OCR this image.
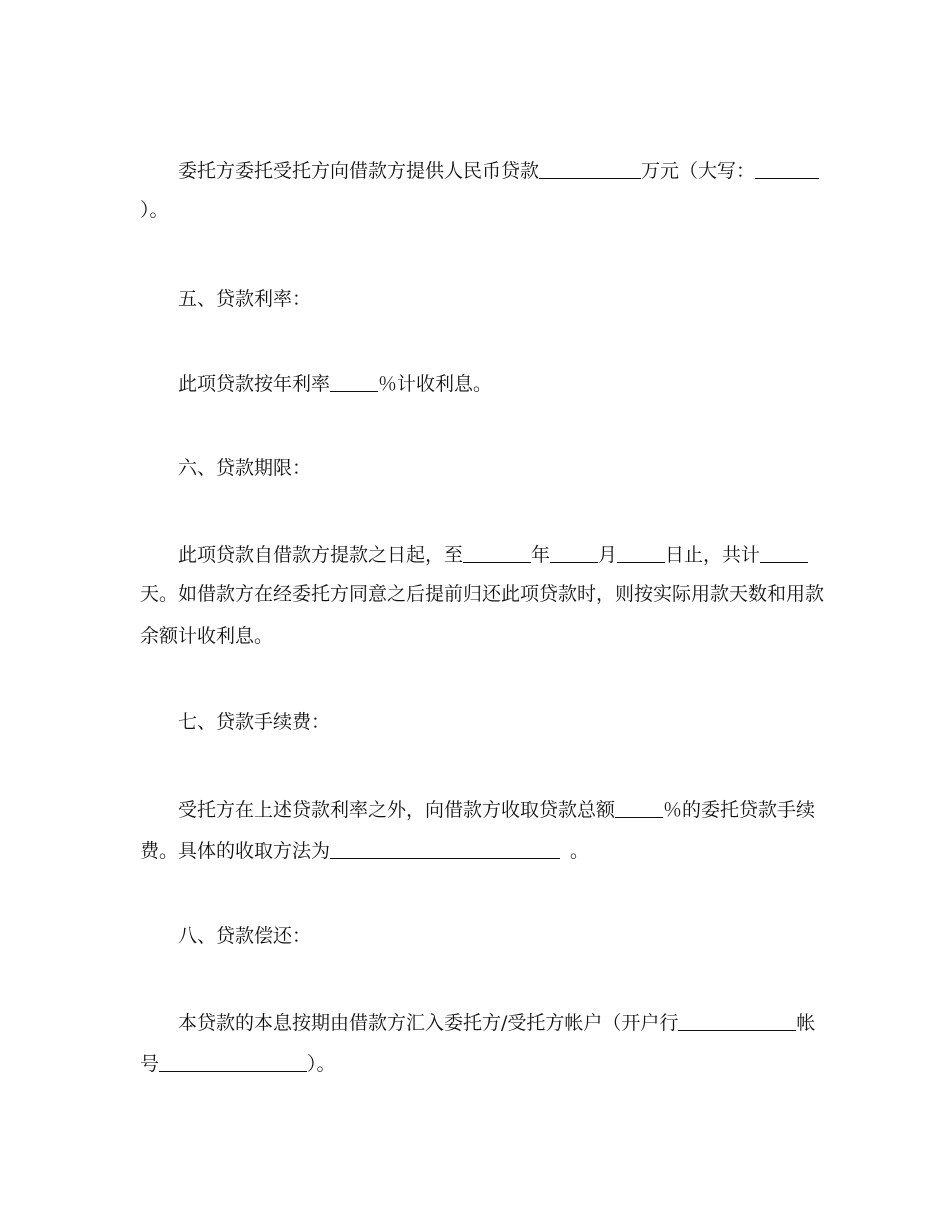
委托方委托受托方向借款方提供人民币贷款	万元（大写：
）。
五、贷款利率：
此项贷款按年利率	％计收利息。
六、贷款期限：
此项贷款自借款方提款之日起，至	年	月	日止，共计
天。如借款方在经委托方同意之后提前归还此项贷款时，则按实际用款天数和用款
余额计收利息。
七、贷款手续费：
受托方在上述贷款利率之外，向借款方收取贷款总额	％的委托贷款手续
费。具体的收取方法为	。
八、贷款偿还：
本贷款的本息按期由借款方汇入委托方/受托方帐户（开户行	帐
号	）。
